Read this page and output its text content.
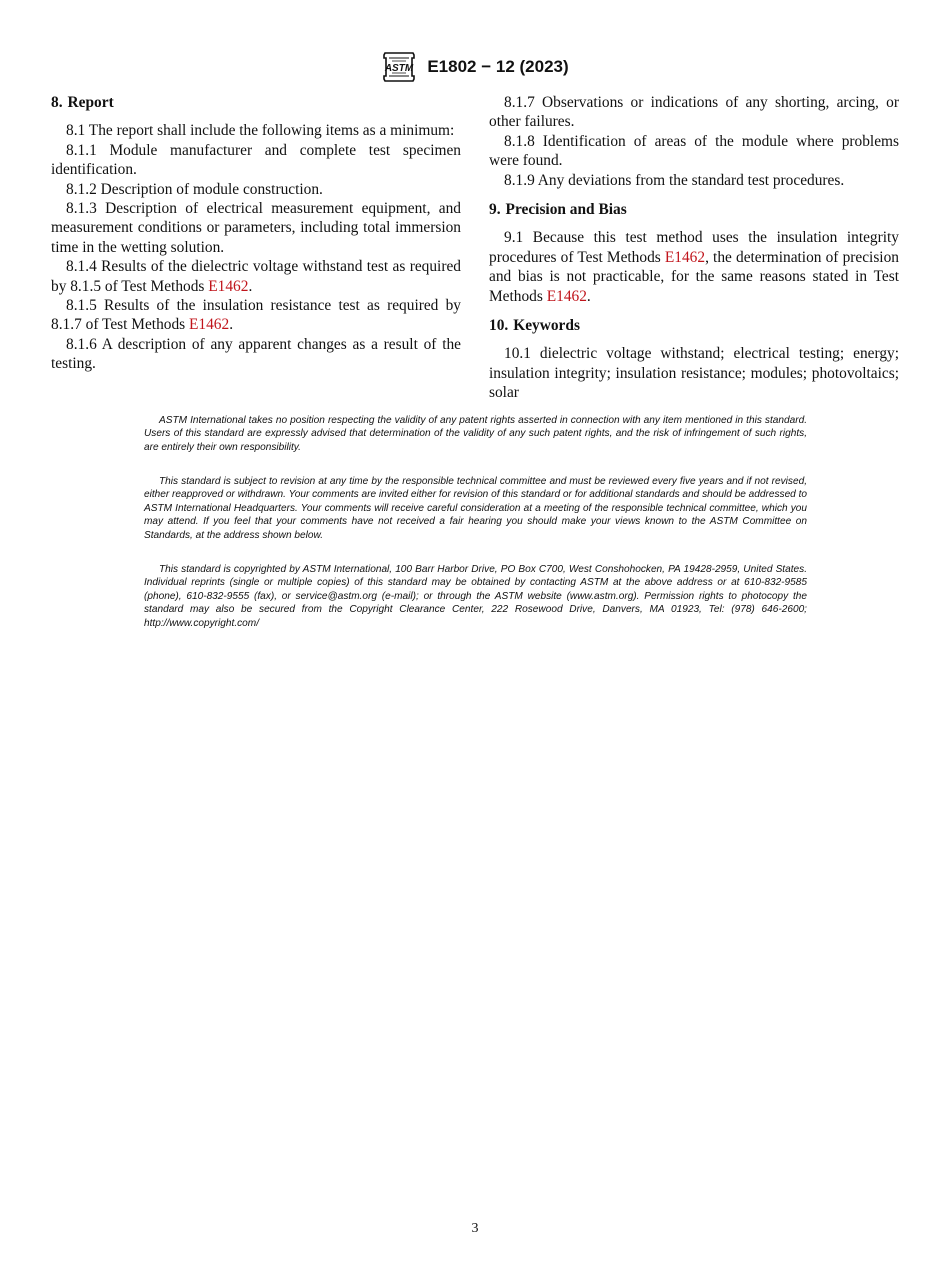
ASTM E1802 − 12 (2023)
8. Report

8.1 The report shall include the following items as a minimum:

8.1.1 Module manufacturer and complete test specimen identification.

8.1.2 Description of module construction.

8.1.3 Description of electrical measurement equipment, and measurement conditions or parameters, including total immersion time in the wetting solution.

8.1.4 Results of the dielectric voltage withstand test as required by 8.1.5 of Test Methods E1462.

8.1.5 Results of the insulation resistance test as required by 8.1.7 of Test Methods E1462.

8.1.6 A description of any apparent changes as a result of the testing.

8.1.7 Observations or indications of any shorting, arcing, or other failures.

8.1.8 Identification of areas of the module where problems were found.

8.1.9 Any deviations from the standard test procedures.

9. Precision and Bias

9.1 Because this test method uses the insulation integrity procedures of Test Methods E1462, the determination of precision and bias is not practicable, for the same reasons stated in Test Methods E1462.

10. Keywords

10.1 dielectric voltage withstand; electrical testing; energy; insulation integrity; insulation resistance; modules; photovoltaics; solar

ASTM International takes no position respecting the validity of any patent rights asserted in connection with any item mentioned in this standard. Users of this standard are expressly advised that determination of the validity of any such patent rights, and the risk of infringement of such rights, are entirely their own responsibility.

This standard is subject to revision at any time by the responsible technical committee and must be reviewed every five years and if not revised, either reapproved or withdrawn. Your comments are invited either for revision of this standard or for additional standards and should be addressed to ASTM International Headquarters. Your comments will receive careful consideration at a meeting of the responsible technical committee, which you may attend. If you feel that your comments have not received a fair hearing you should make your views known to the ASTM Committee on Standards, at the address shown below.

This standard is copyrighted by ASTM International, 100 Barr Harbor Drive, PO Box C700, West Conshohocken, PA 19428-2959, United States. Individual reprints (single or multiple copies) of this standard may be obtained by contacting ASTM at the above address or at 610-832-9585 (phone), 610-832-9555 (fax), or service@astm.org (e-mail); or through the ASTM website (www.astm.org). Permission rights to photocopy the standard may also be secured from the Copyright Clearance Center, 222 Rosewood Drive, Danvers, MA 01923, Tel: (978) 646-2600; http://www.copyright.com/

3
